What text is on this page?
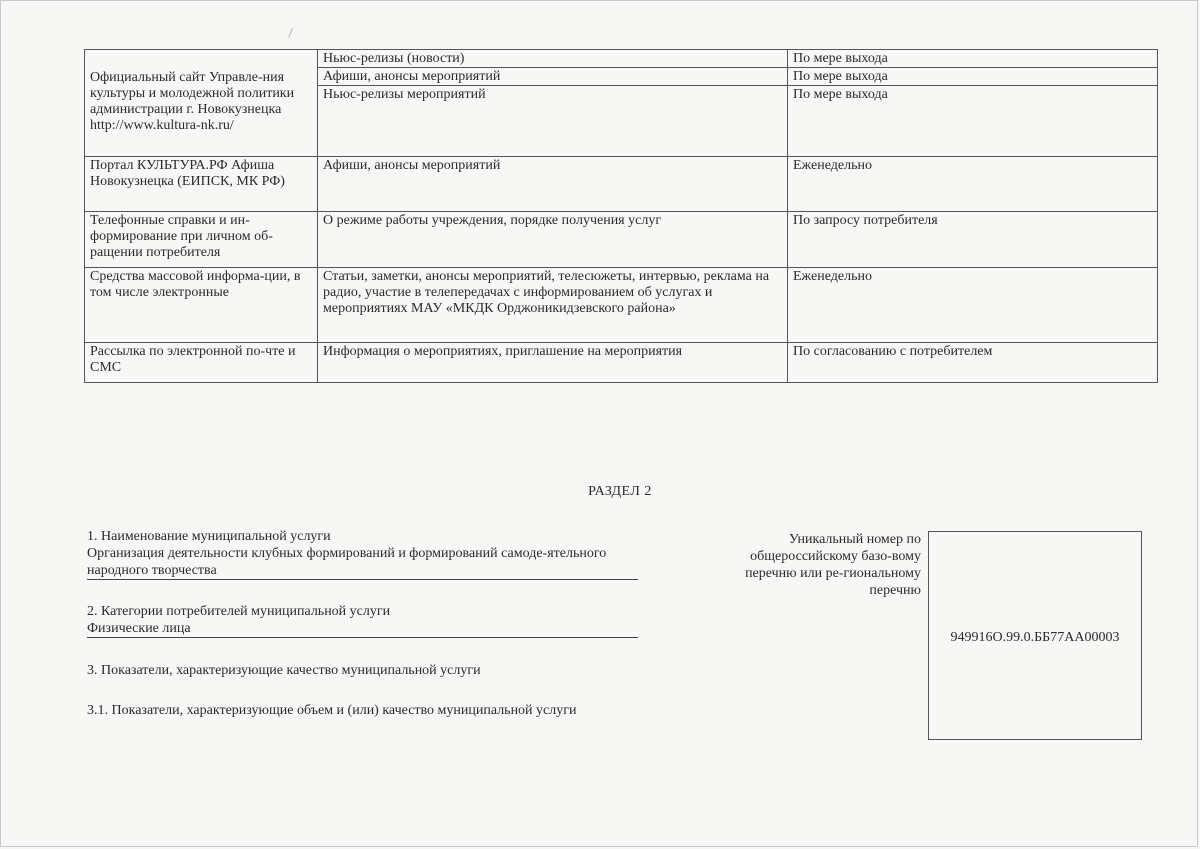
Официальный сайт Управле-ния культуры и молодежной политики администрации г. Новокузнецка http://www.kultura-nk.ru/	Ньюс-релизы (новости)	По мере выхода
	Афиши, анонсы мероприятий	По мере выхода
	Ньюс-релизы мероприятий	По мере выхода
Портал КУЛЬТУРА.РФ Афиша Новокузнецка (ЕИПСК, МК РФ)	Афиши, анонсы мероприятий	Еженедельно
Телефонные справки и ин-формирование при личном об-ращении потребителя	О режиме работы учреждения, порядке получения услуг	По запросу потребителя
Средства массовой информа-ции, в том числе электронные	Статьи, заметки, анонсы мероприятий, телесюжеты, интервью, реклама на радио, участие в телепередачах с информированием об услугах и мероприятиях МАУ «МКДК Орджоникидзевского района»	Еженедельно
Рассылка по электронной по-чте и СМС	Информация о мероприятиях, приглашение на мероприятия	По согласованию с потребителем
РАЗДЕЛ 2

1. Наименование муниципальной услуги

Организация деятельности клубных формирований и формирований самоде-ятельного народного творчества

2. Категории потребителей муниципальной услуги

Физические лица

3. Показатели, характеризующие качество муниципальной услуги
3.1. Показатели, характеризующие объем и (или) качество муниципальной услуги
Уникальный номер по общероссийскому базо-вому перечню или ре-гиональному перечню
949916О.99.0.ББ77АА00003
